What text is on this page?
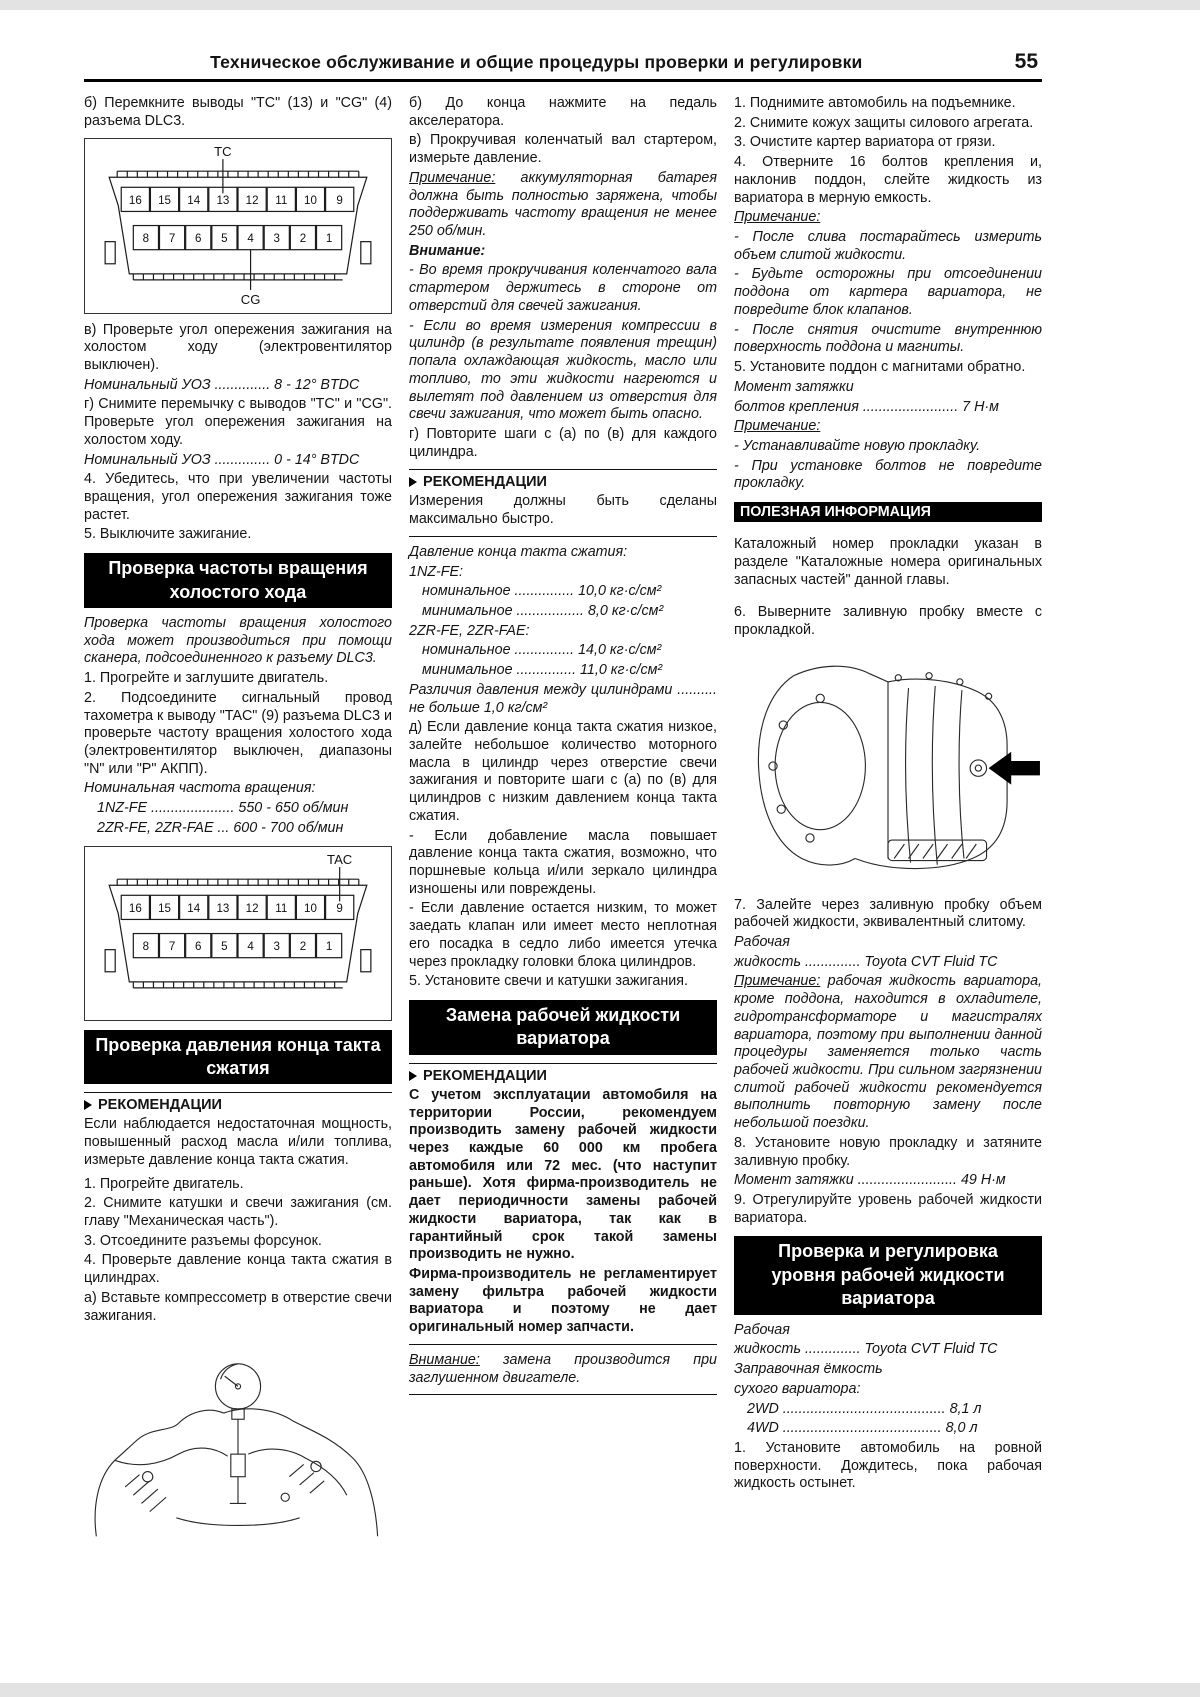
Техническое обслуживание и общие процедуры проверки и регулировки	55

б) Перемкните выводы "TC" (13) и "CG" (4) разъема DLC3.

TC
16 15 14 13 12 11 10 9
8 7 6 5 4 3 2 1
CG

в) Проверьте угол опережения зажигания на холостом ходу (электровентилятор выключен).

Номинальный УОЗ .............. 8 - 12° BTDC

г) Снимите перемычку с выводов "TC" и "CG". Проверьте угол опережения зажигания на холостом ходу.

Номинальный УОЗ .............. 0 - 14° BTDC

4. Убедитесь, что при увеличении частоты вращения, угол опережения зажигания тоже растет.

5. Выключите зажигание.

Проверка частоты вращения холостого хода

Проверка частоты вращения холостого хода может производиться при помощи сканера, подсоединенного к разъему DLC3.

1. Прогрейте и заглушите двигатель.

2. Подсоедините сигнальный провод тахометра к выводу "TAC" (9) разъема DLC3 и проверьте частоту вращения холостого хода (электровентилятор выключен, диапазоны "N" или "P" АКПП).

Номинальная частота вращения:

1NZ-FE ..................... 550 - 650 об/мин

2ZR-FE, 2ZR-FAE ... 600 - 700 об/мин

TAC
16 15 14 13 12 11 10 9
8 7 6 5 4 3 2 1
Проверка давления конца такта сжатия
РЕКОМЕНДАЦИИ

Если наблюдается недостаточная мощность, повышенный расход масла и/или топлива, измерьте давление конца такта сжатия.

1. Прогрейте двигатель.

2. Снимите катушки и свечи зажигания (см. главу "Механическая часть").

3. Отсоедините разъемы форсунок.

4. Проверьте давление конца такта сжатия в цилиндрах.

а) Вставьте компрессометр в отверстие свечи зажигания.

б) До конца нажмите на педаль акселератора.

в) Прокручивая коленчатый вал стартером, измерьте давление.

Примечание: аккумуляторная батарея должна быть полностью заряжена, чтобы поддерживать частоту вращения не менее 250 об/мин.

Внимание:

- Во время прокручивания коленчатого вала стартером держитесь в стороне от отверстий для свечей зажигания.

- Если во время измерения компрессии в цилиндр (в результате появления трещин) попала охлаждающая жидкость, масло или топливо, то эти жидкости нагреются и вылетят под давлением из отверстия для свечи зажигания, что может быть опасно.

г) Повторите шаги с (а) по (в) для каждого цилиндра.

РЕКОМЕНДАЦИИ

Измерения должны быть сделаны максимально быстро.

Давление конца такта сжатия:

1NZ-FE:

номинальное ............... 10,0 кг·с/см²

минимальное ................. 8,0 кг·с/см²

2ZR-FE, 2ZR-FAE:

номинальное ............... 14,0 кг·с/см²

минимальное ............... 11,0 кг·с/см²

Различия давления между цилиндрами .......... не больше 1,0 кг/см²

д) Если давление конца такта сжатия низкое, залейте небольшое количество моторного масла в цилиндр через отверстие свечи зажигания и повторите шаги с (а) по (в) для цилиндров с низким давлением конца такта сжатия.

- Если добавление масла повышает давление конца такта сжатия, возможно, что поршневые кольца и/или зеркало цилиндра изношены или повреждены.

- Если давление остается низким, то может заедать клапан или имеет место неплотная его посадка в седло либо имеется утечка через прокладку головки блока цилиндров.

5. Установите свечи и катушки зажигания.

Замена рабочей жидкости вариатора
РЕКОМЕНДАЦИИ

С учетом эксплуатации автомобиля на территории России, рекомендуем производить замену рабочей жидкости через каждые 60 000 км пробега автомобиля или 72 мес. (что наступит раньше). Хотя фирма-производитель не дает периодичности замены рабочей жидкости вариатора, так как в гарантийный срок такой замены производить не нужно.

Фирма-производитель не регламентирует замену фильтра рабочей жидкости вариатора и поэтому не дает оригинальный номер запчасти.

Внимание: замена производится при заглушенном двигателе.

1. Поднимите автомобиль на подъемнике.

2. Снимите кожух защиты силового агрегата.

3. Очистите картер вариатора от грязи.

4. Отверните 16 болтов крепления и, наклонив поддон, слейте жидкость из вариатора в мерную емкость.

Примечание:

- После слива постарайтесь измерить объем слитой жидкости.

- Будьте осторожны при отсоединении поддона от картера вариатора, не повредите блок клапанов.

- После снятия очистите внутреннюю поверхность поддона и магниты.

5. Установите поддон с магнитами обратно.

Момент затяжки

болтов крепления ........................ 7 Н·м

Примечание:

- Устанавливайте новую прокладку.

- При установке болтов не повредите прокладку.

ПОЛЕЗНАЯ ИНФОРМАЦИЯ

Каталожный номер прокладки указан в разделе "Каталожные номера оригинальных запасных частей" данной главы.

6. Выверните заливную пробку вместе с прокладкой.

7. Залейте через заливную пробку объем рабочей жидкости, эквивалентный слитому.

Рабочая

жидкость .............. Toyota CVT Fluid TC

Примечание: рабочая жидкость вариатора, кроме поддона, находится в охладителе, гидротрансформаторе и магистралях вариатора, поэтому при выполнении данной процедуры заменяется только часть рабочей жидкости. При сильном загрязнении слитой рабочей жидкости рекомендуется выполнить повторную замену после небольшой поездки.

8. Установите новую прокладку и затяните заливную пробку.

Момент затяжки ......................... 49 Н·м

9. Отрегулируйте уровень рабочей жидкости вариатора.

Проверка и регулировка уровня рабочей жидкости вариатора

Рабочая

жидкость .............. Toyota CVT Fluid TC

Заправочная ёмкость

сухого вариатора:

2WD ......................................... 8,1 л

4WD ........................................ 8,0 л

1. Установите автомобиль на ровной поверхности. Дождитесь, пока рабочая жидкость остынет.
